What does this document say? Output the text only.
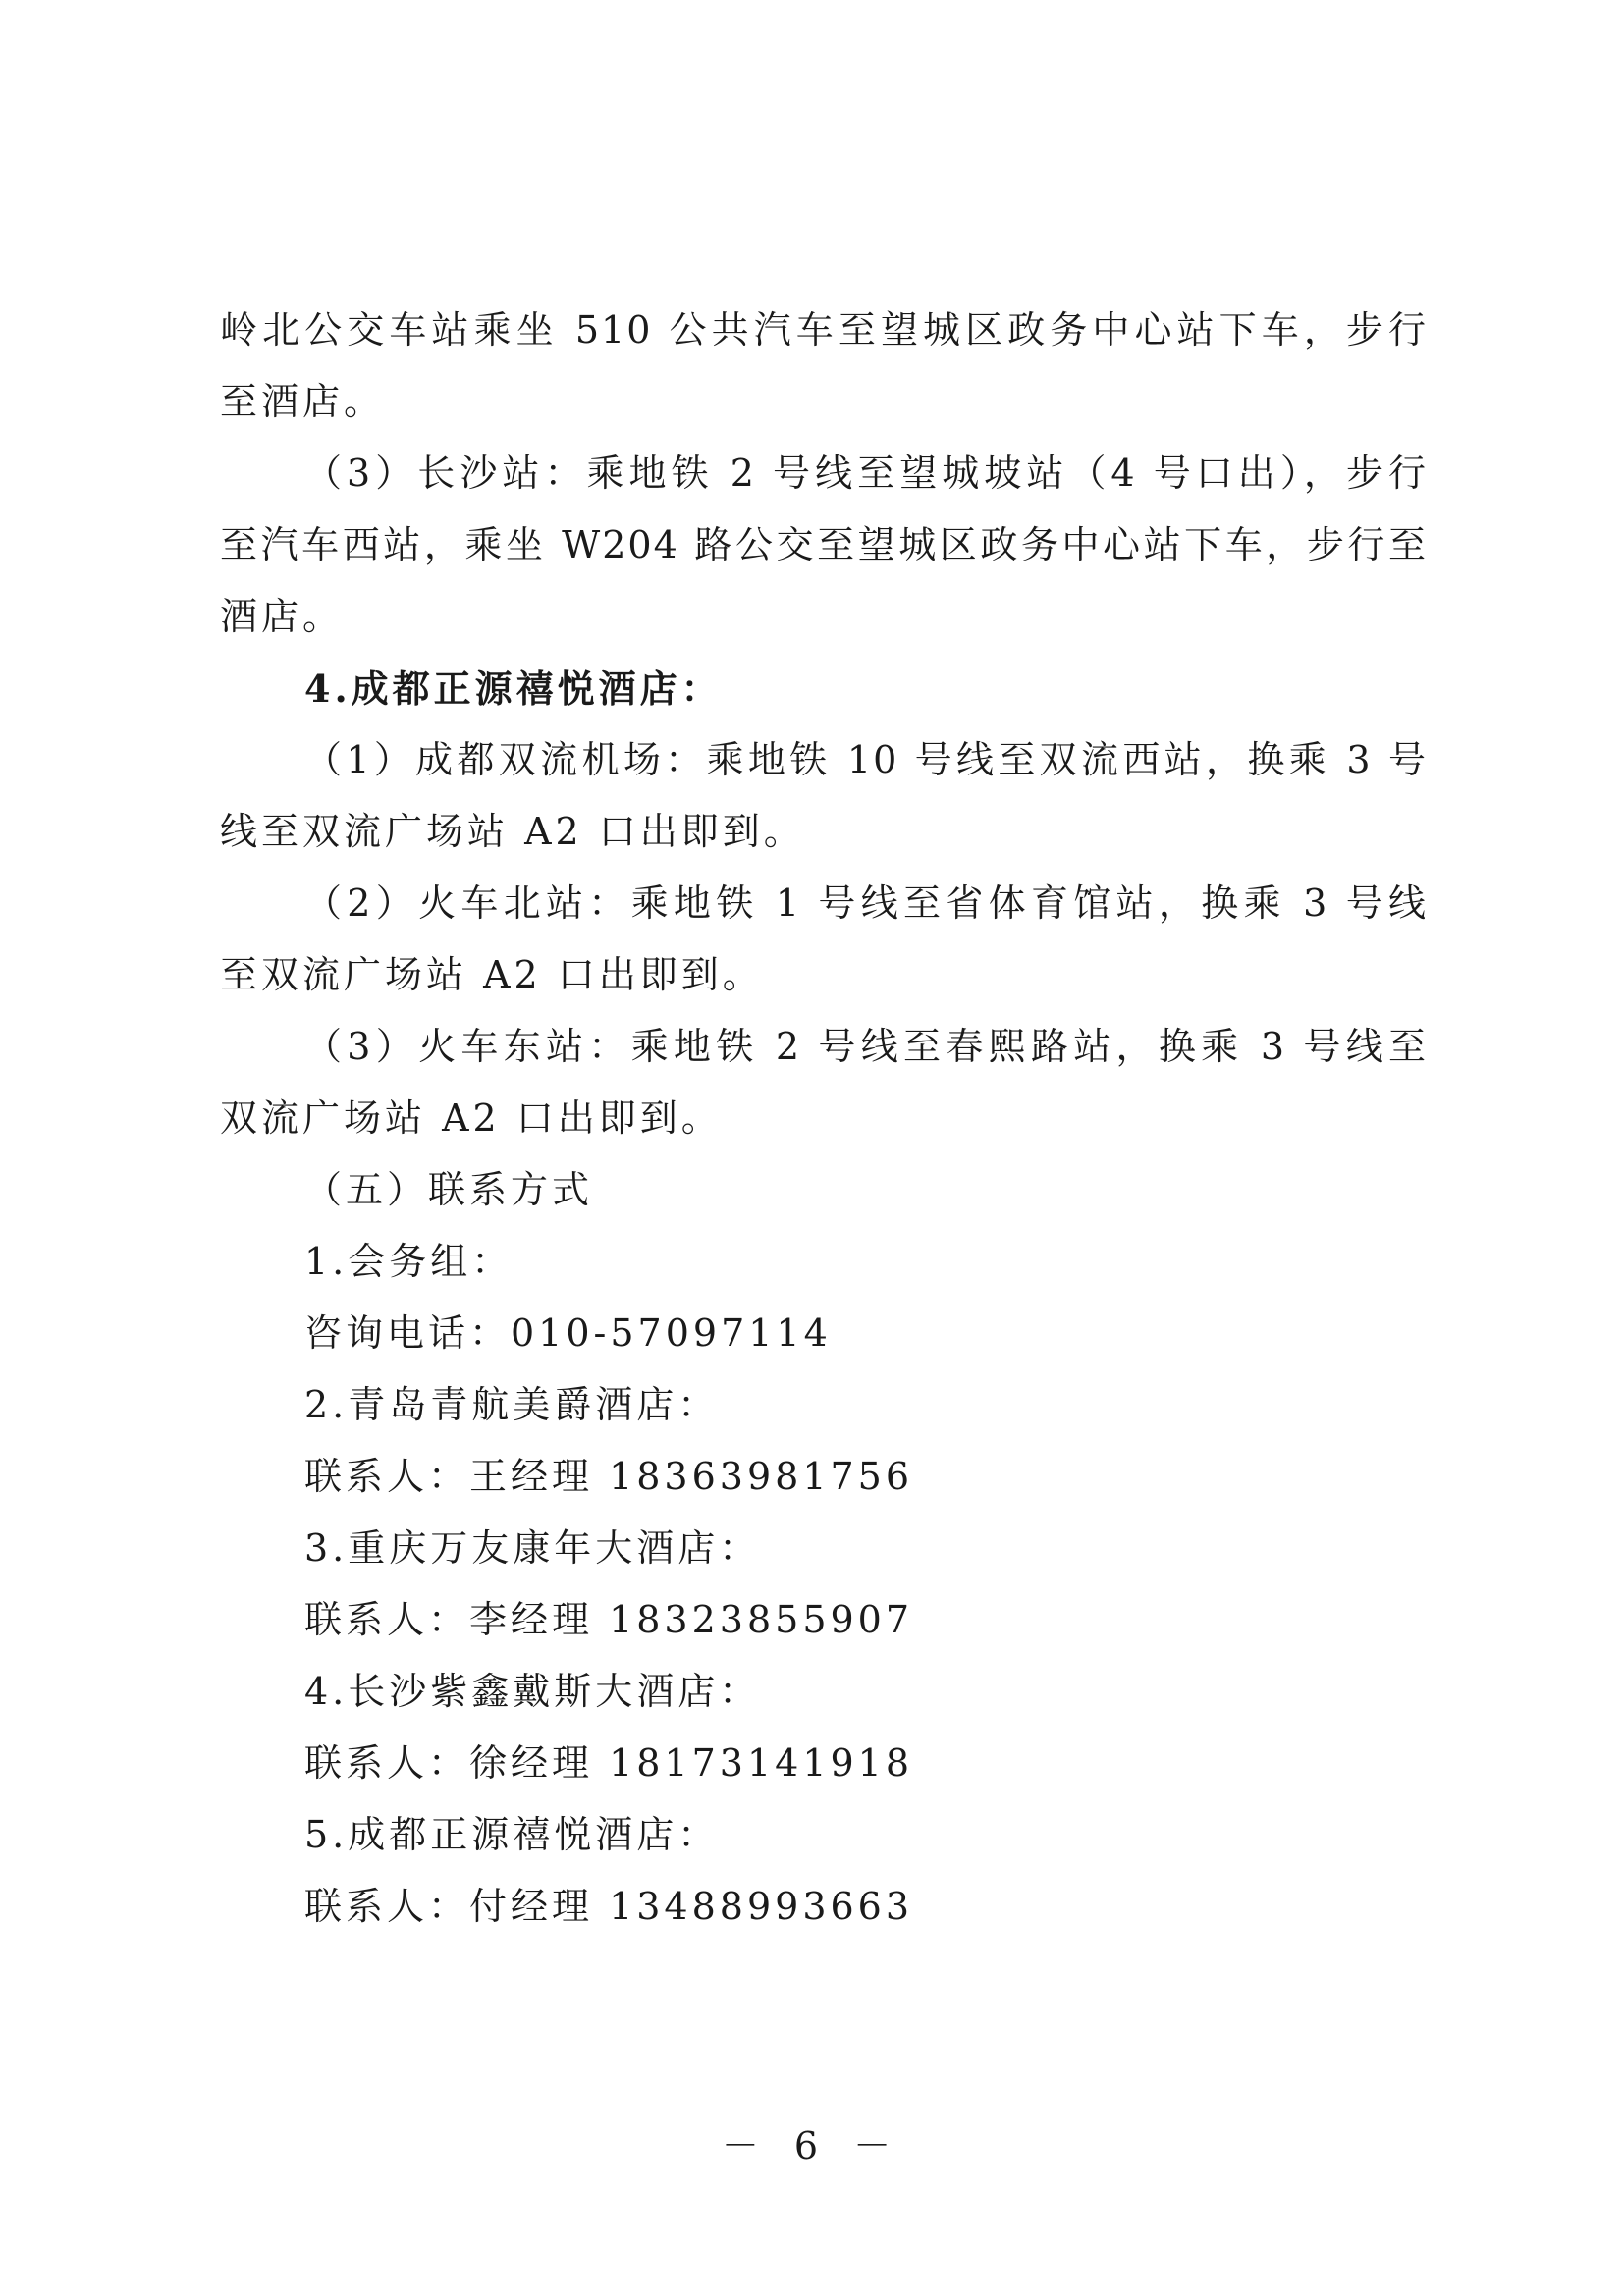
岭北公交车站乘坐 510 公共汽车至望城区政务中心站下车，步行
至酒店。
（3）长沙站：乘地铁 2 号线至望城坡站（4 号口出），步行
至汽车西站，乘坐 W204 路公交至望城区政务中心站下车，步行至
酒店。
4.成都正源禧悦酒店：
（1）成都双流机场：乘地铁 10 号线至双流西站，换乘 3 号
线至双流广场站 A2 口出即到。
（2）火车北站：乘地铁 1 号线至省体育馆站，换乘 3 号线
至双流广场站 A2 口出即到。
（3）火车东站：乘地铁 2 号线至春熙路站，换乘 3 号线至
双流广场站 A2 口出即到。
（五）联系方式
1.会务组：
咨询电话：010-57097114
2.青岛青航美爵酒店：
联系人：王经理 18363981756
3.重庆万友康年大酒店：
联系人：李经理 18323855907
4.长沙紫鑫戴斯大酒店：
联系人：徐经理 18173141918
5.成都正源禧悦酒店：
联系人：付经理 13488993663
－ 6 －
